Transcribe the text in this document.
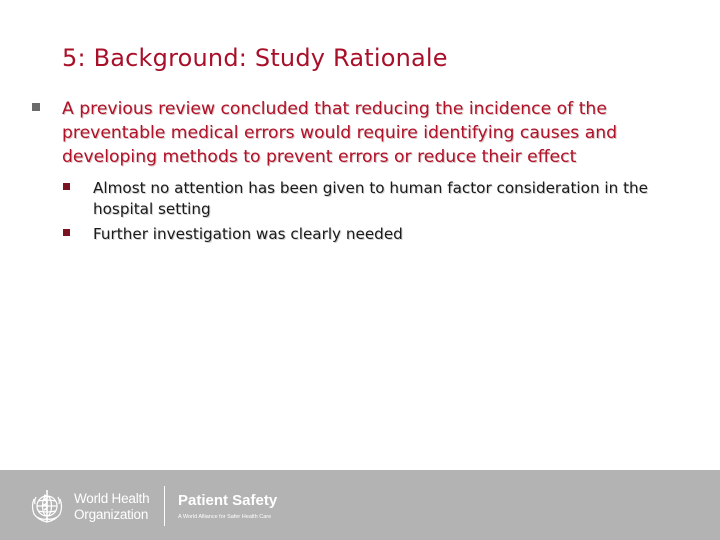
5: Background: Study Rationale
A previous review concluded that reducing the incidence of the preventable medical errors would require identifying causes and developing methods to prevent errors or reduce their effect
Almost no attention has been given to human factor consideration in the hospital setting
Further investigation was clearly needed
World Health
Organization
Patient Safety
A World Alliance for Safer Health Care
